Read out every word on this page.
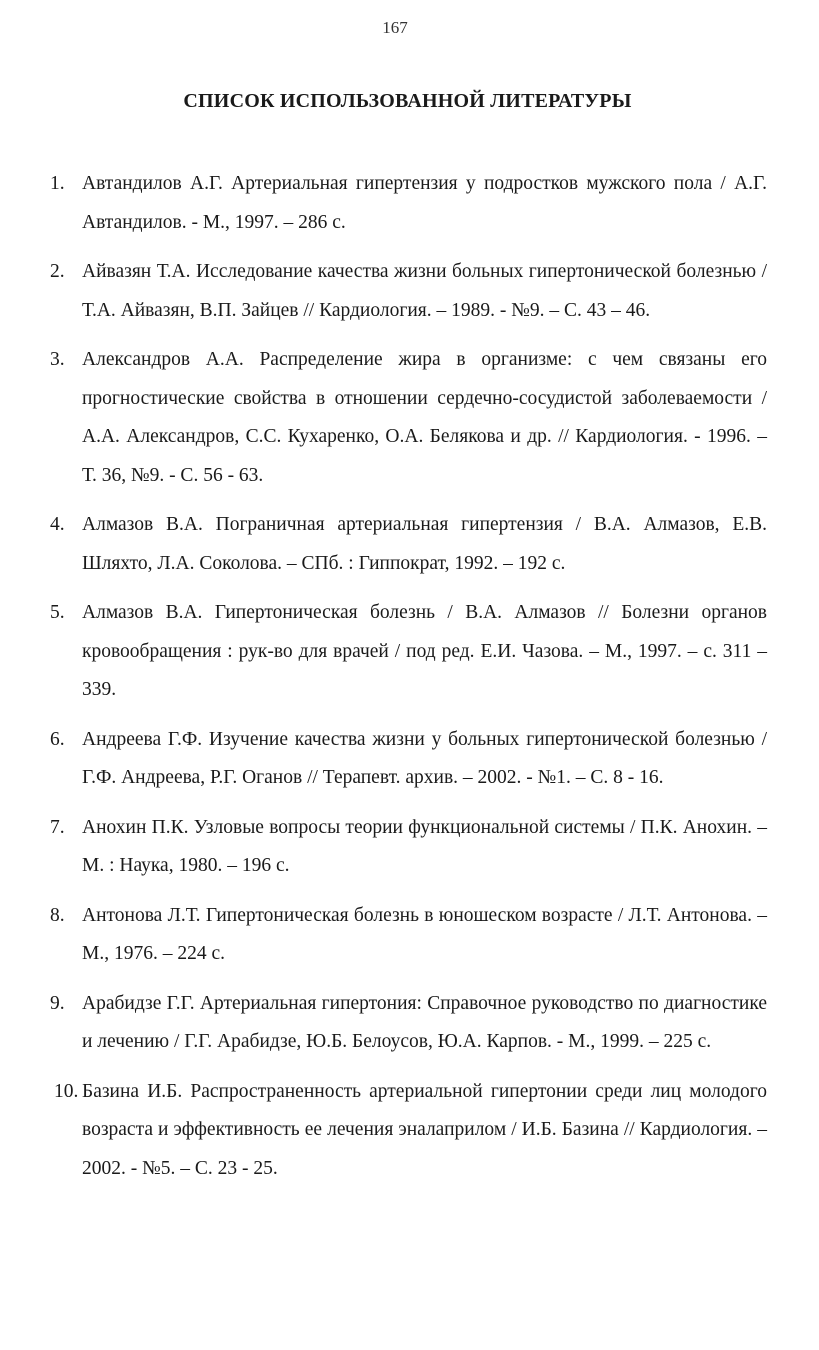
167
СПИСОК ИСПОЛЬЗОВАННОЙ ЛИТЕРАТУРЫ
1. Автандилов А.Г. Артериальная гипертензия у подростков мужского пола / А.Г. Автандилов. - М., 1997. – 286 с.
2. Айвазян Т.А. Исследование качества жизни больных гипертонической болезнью / Т.А. Айвазян, В.П. Зайцев // Кардиология. – 1989. - №9. – С. 43 – 46.
3. Александров А.А. Распределение жира в организме: с чем связаны его прогностические свойства в отношении сердечно-сосудистой заболеваемости / А.А. Александров, С.С. Кухаренко, О.А. Белякова и др. // Кардиология. - 1996. – Т. 36, №9. - С. 56 - 63.
4. Алмазов В.А. Пограничная артериальная гипертензия / В.А. Алмазов, Е.В. Шляхто, Л.А. Соколова. – СПб. : Гиппократ, 1992. – 192 с.
5. Алмазов В.А. Гипертоническая болезнь / В.А. Алмазов // Болезни органов кровообращения : рук-во для врачей / под ред. Е.И. Чазова. – М., 1997. – с. 311 – 339.
6. Андреева Г.Ф. Изучение качества жизни у больных гипертонической болезнью / Г.Ф. Андреева, Р.Г. Оганов // Терапевт. архив. – 2002. - №1. – С. 8 - 16.
7. Анохин П.К. Узловые вопросы теории функциональной системы / П.К. Анохин. – М. : Наука, 1980. – 196 с.
8. Антонова Л.Т. Гипертоническая болезнь в юношеском возрасте / Л.Т. Антонова. – М., 1976. – 224 с.
9. Арабидзе Г.Г. Артериальная гипертония: Справочное руководство по диагностике и лечению / Г.Г. Арабидзе, Ю.Б. Белоусов, Ю.А. Карпов. - М., 1999. – 225 с.
10. Базина И.Б. Распространенность артериальной гипертонии среди лиц молодого возраста и эффективность ее лечения эналаприлом / И.Б. Базина // Кардиология. – 2002. - №5. – С. 23 - 25.
